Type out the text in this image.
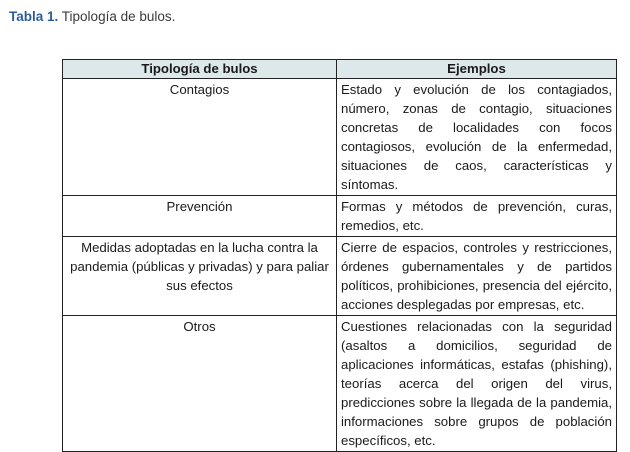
Tabla 1. Tipología de bulos.
Tipología de bulos	Ejemplos
Contagios	Estado y evolución de los contagiados, número, zonas de contagio, situaciones concretas de localidades con focos contagiosos, evolución de la enfermedad, situaciones de caos, características y síntomas.
Prevención	Formas y métodos de prevención, curas, remedios, etc.
Medidas adoptadas en la lucha contra la pandemia (públicas y privadas) y para paliar sus efectos	Cierre de espacios, controles y restricciones, órdenes gubernamentales y de partidos políticos, prohibiciones, presencia del ejército, acciones desplegadas por empresas, etc.
Otros	Cuestiones relacionadas con la seguridad (asaltos a domicilios, seguridad de aplicaciones informáticas, estafas (phishing), teorías acerca del origen del virus, predicciones sobre la llegada de la pandemia, informaciones sobre grupos de población específicos, etc.
